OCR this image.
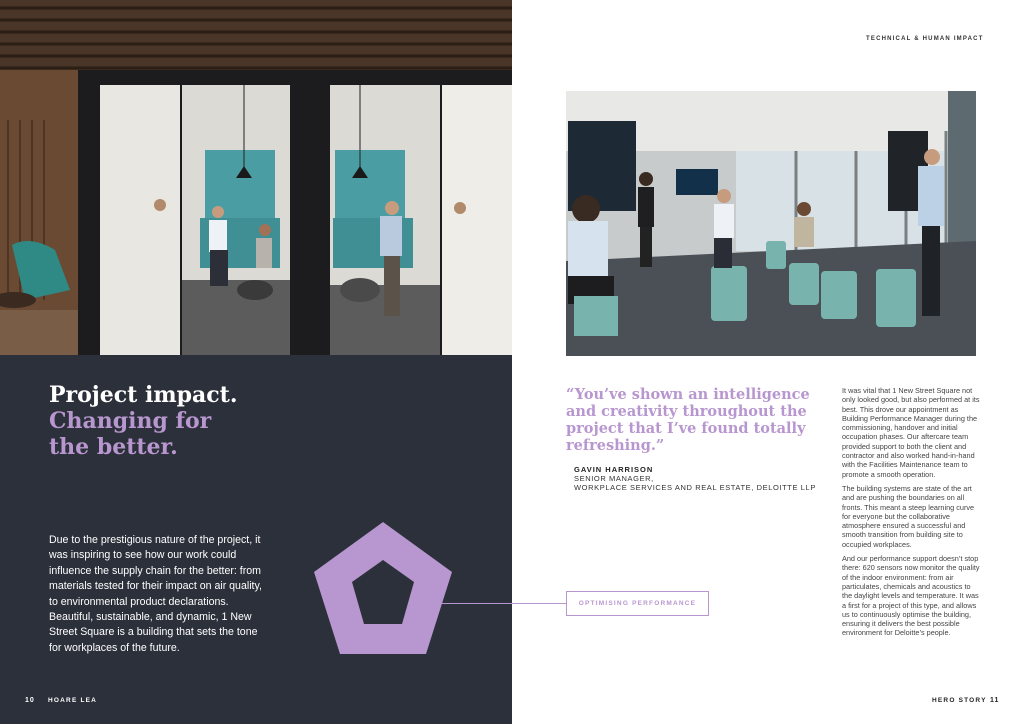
Project impact.
Changing for
the better.
Due to the prestigious nature of the project, it was inspiring to see how our work could influence the supply chain for the better: from materials tested for their impact on air quality, to environmental product declarations. Beautiful, sustainable, and dynamic, 1 New Street Square is a building that sets the tone for workplaces of the future.
10 HOARE LEA
TECHNICAL & HUMAN IMPACT
“You’ve shown an intelligence and creativity throughout the project that I’ve found totally refreshing.”
GAVIN HARRISON
SENIOR MANAGER,
WORKPLACE SERVICES AND REAL ESTATE, DELOITTE LLP
OPTIMISING PERFORMANCE

It was vital that 1 New Street Square not only looked good, but also performed at its best. This drove our appointment as Building Performance Manager during the commissioning, handover and initial occupation phases. Our aftercare team provided support to both the client and contractor and also worked hand-in-hand with the Facilities Maintenance team to promote a smooth operation.

The building systems are state of the art and are pushing the boundaries on all fronts. This meant a steep learning curve for everyone but the collaborative atmosphere ensured a successful and smooth transition from building site to occupied workplaces.

And our performance support doesn’t stop there: 620 sensors now monitor the quality of the indoor environment: from air particulates, chemicals and acoustics to the daylight levels and temperature. It was a first for a project of this type, and allows us to continuously optimise the building, ensuring it delivers the best possible environment for Deloitte’s people.

HERO STORY 11
